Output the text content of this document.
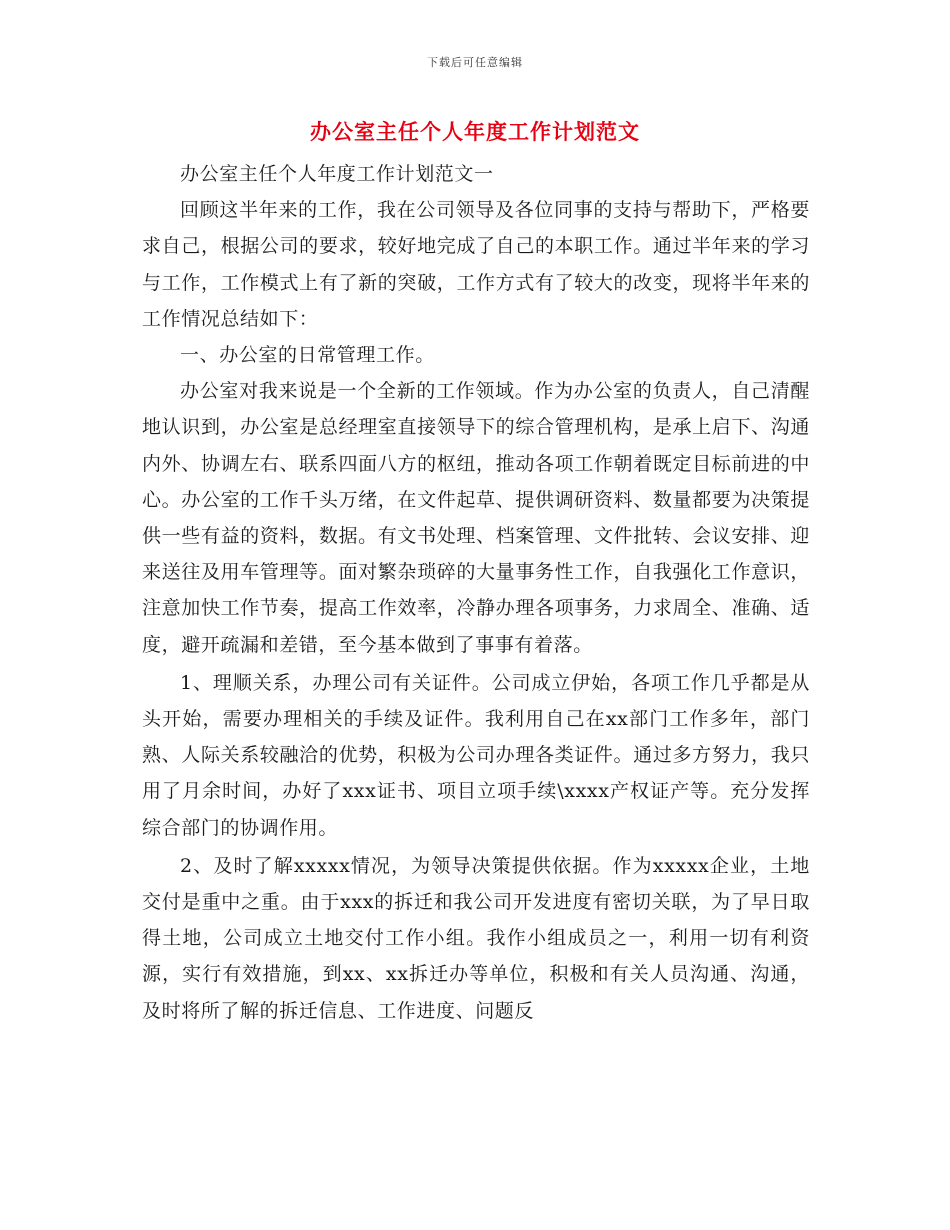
下载后可任意编辑
办公室主任个人年度工作计划范文

办公室主任个人年度工作计划范文一

回顾这半年来的工作，我在公司领导及各位同事的支持与帮助下，严格要求自己，根据公司的要求，较好地完成了自己的本职工作。通过半年来的学习与工作，工作模式上有了新的突破，工作方式有了较大的改变，现将半年来的工作情况总结如下：

一、办公室的日常管理工作。

办公室对我来说是一个全新的工作领域。作为办公室的负责人，自己清醒地认识到，办公室是总经理室直接领导下的综合管理机构，是承上启下、沟通内外、协调左右、联系四面八方的枢纽，推动各项工作朝着既定目标前进的中心。办公室的工作千头万绪，在文件起草、提供调研资料、数量都要为决策提供一些有益的资料，数据。有文书处理、档案管理、文件批转、会议安排、迎来送往及用车管理等。面对繁杂琐碎的大量事务性工作，自我强化工作意识，注意加快工作节奏，提高工作效率，冷静办理各项事务，力求周全、准确、适度，避开疏漏和差错，至今基本做到了事事有着落。

1、理顺关系，办理公司有关证件。公司成立伊始，各项工作几乎都是从头开始，需要办理相关的手续及证件。我利用自己在xx部门工作多年，部门熟、人际关系较融洽的优势，积极为公司办理各类证件。通过多方努力，我只用了月余时间，办好了xxx证书、项目立项手续\xxxx产权证产等。充分发挥综合部门的协调作用。

2、及时了解xxxxx情况，为领导决策提供依据。作为xxxxx企业，土地交付是重中之重。由于xxx的拆迁和我公司开发进度有密切关联，为了早日取得土地，公司成立土地交付工作小组。我作小组成员之一，利用一切有利资源，实行有效措施，到xx、xx拆迁办等单位，积极和有关人员沟通、沟通，及时将所了解的拆迁信息、工作进度、问题反
